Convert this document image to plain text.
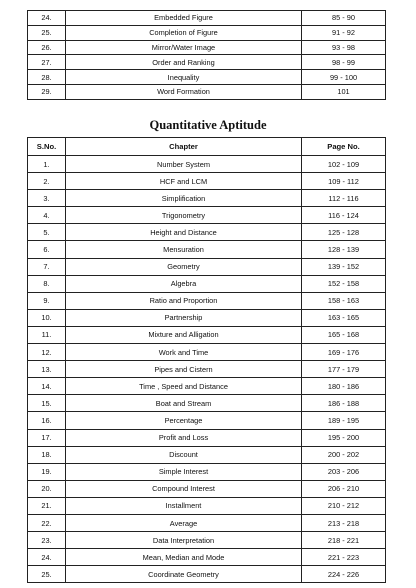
24.	Embedded Figure	85 - 90
25.	Completion of Figure	91 - 92
26.	Mirror/Water Image	93 - 98
27.	Order and Ranking	98 - 99
28.	Inequality	99 - 100
29.	Word Formation	101
Quantitative Aptitude
S.No.	Chapter	Page No.
1.	Number System	102 - 109
2.	HCF and LCM	109 - 112
3.	Simplification	112 - 116
4.	Trigonometry	116 - 124
5.	Height and Distance	125 - 128
6.	Mensuration	128 - 139
7.	Geometry	139 - 152
8.	Algebra	152 - 158
9.	Ratio and Proportion	158 - 163
10.	Partnership	163 - 165
11.	Mixture and Alligation	165 - 168
12.	Work and Time	169 - 176
13.	Pipes and Cistern	177 - 179
14.	Time , Speed and Distance	180 - 186
15.	Boat and Stream	186 - 188
16.	Percentage	189 - 195
17.	Profit and Loss	195 - 200
18.	Discount	200 - 202
19.	Simple Interest	203 - 206
20.	Compound Interest	206 - 210
21.	Installment	210 - 212
22.	Average	213 - 218
23.	Data Interpretation	218 - 221
24.	Mean, Median and Mode	221 - 223
25.	Coordinate Geometry	224 - 226
